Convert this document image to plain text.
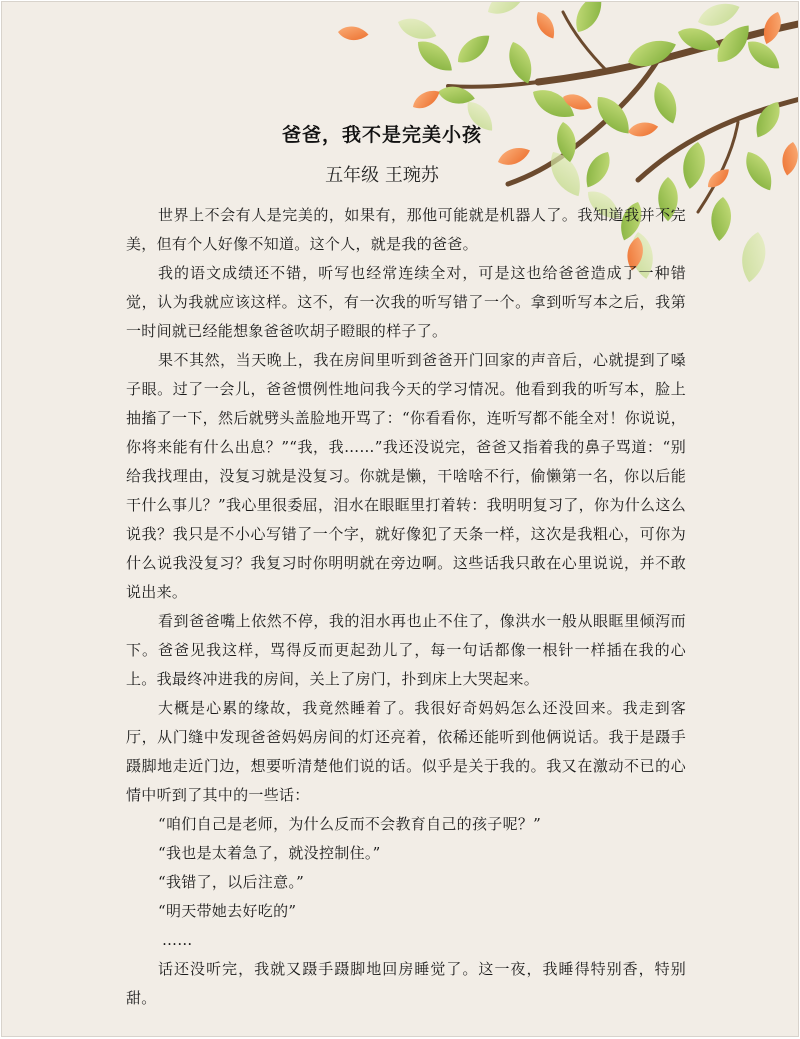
爸爸，我不是完美小孩
五年级 王琬苏

世界上不会有人是完美的，如果有，那他可能就是机器人了。我知道我并不完美，但有个人好像不知道。这个人，就是我的爸爸。

我的语文成绩还不错，听写也经常连续全对，可是这也给爸爸造成了一种错觉，认为我就应该这样。这不，有一次我的听写错了一个。拿到听写本之后，我第一时间就已经能想象爸爸吹胡子瞪眼的样子了。

果不其然，当天晚上，我在房间里听到爸爸开门回家的声音后，心就提到了嗓子眼。过了一会儿，爸爸惯例性地问我今天的学习情况。他看到我的听写本，脸上抽搐了一下，然后就劈头盖脸地开骂了：“你看看你，连听写都不能全对！你说说，你将来能有什么出息？”“我，我……”我还没说完，爸爸又指着我的鼻子骂道：“别给我找理由，没复习就是没复习。你就是懒，干啥啥不行，偷懒第一名，你以后能干什么事儿？”我心里很委屈，泪水在眼眶里打着转：我明明复习了，你为什么这么说我？我只是不小心写错了一个字，就好像犯了天条一样，这次是我粗心，可你为什么说我没复习？我复习时你明明就在旁边啊。这些话我只敢在心里说说，并不敢说出来。

看到爸爸嘴上依然不停，我的泪水再也止不住了，像洪水一般从眼眶里倾泻而下。爸爸见我这样，骂得反而更起劲儿了，每一句话都像一根针一样插在我的心上。我最终冲进我的房间，关上了房门，扑到床上大哭起来。

大概是心累的缘故，我竟然睡着了。我很好奇妈妈怎么还没回来。我走到客厅，从门缝中发现爸爸妈妈房间的灯还亮着，依稀还能听到他俩说话。我于是蹑手蹑脚地走近门边，想要听清楚他们说的话。似乎是关于我的。我又在激动不已的心情中听到了其中的一些话：

“咱们自己是老师，为什么反而不会教育自己的孩子呢？”

“我也是太着急了，就没控制住。”

“我错了，以后注意。”

“明天带她去好吃的”

……

话还没听完，我就又蹑手蹑脚地回房睡觉了。这一夜，我睡得特别香，特别甜。
